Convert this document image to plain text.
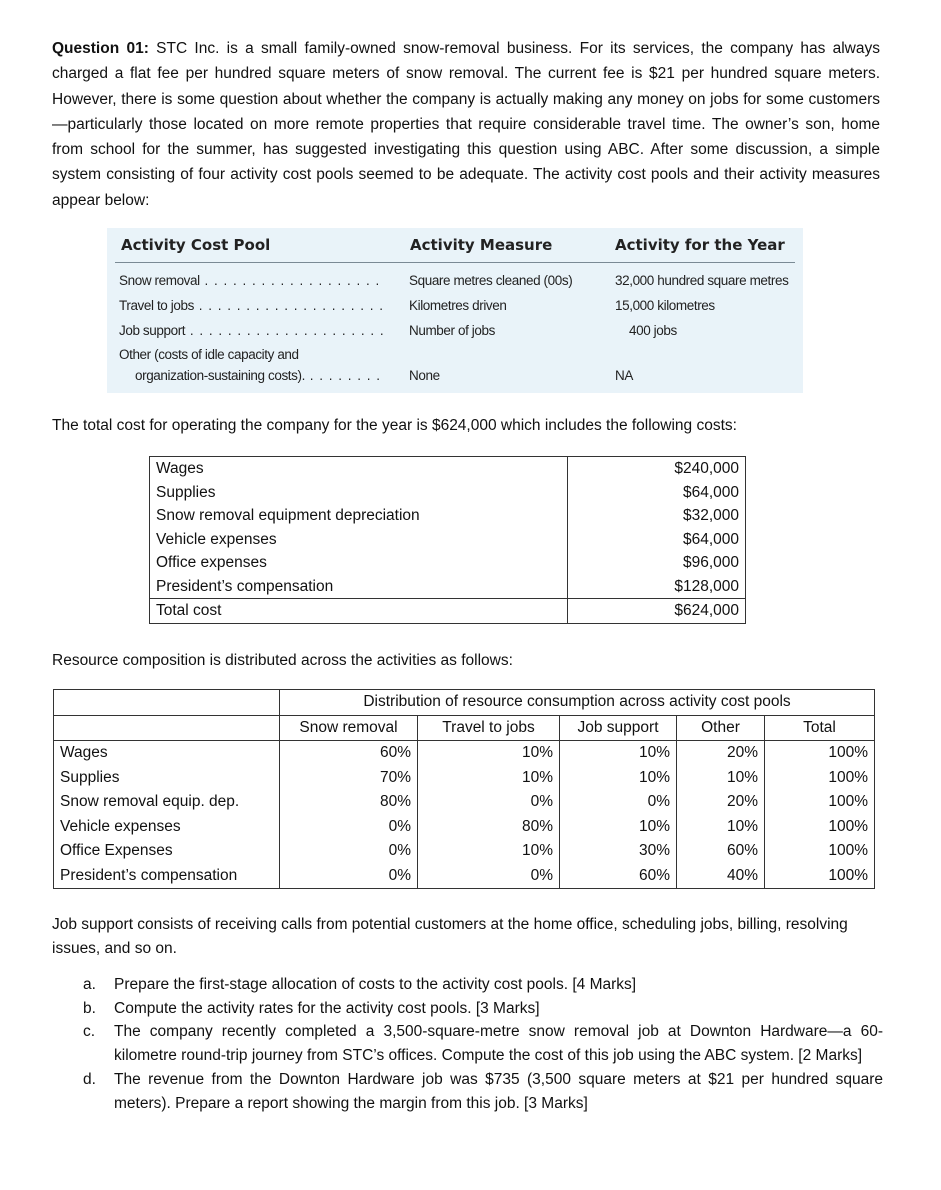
Question 01: STC Inc. is a small family-owned snow-removal business. For its services, the company has always charged a flat fee per hundred square meters of snow removal. The current fee is $21 per hundred square meters. However, there is some question about whether the company is actually making any money on jobs for some customers—particularly those located on more remote properties that require considerable travel time. The owner’s son, home from school for the summer, has suggested investigating this question using ABC. After some discussion, a simple system consisting of four activity cost pools seemed to be adequate. The activity cost pools and their activity measures appear below:

Activity Cost Pool	Activity Measure	Activity for the Year
Snow removal . . .	Square metres cleaned (00s)	32,000 hundred square metres
Travel to jobs . . .	Kilometres driven	15,000 kilometres
Job support . . .	Number of jobs	400 jobs
Other (costs of idle capacity and
organization-sustaining costs). . . .	None	NA

The total cost for operating the company for the year is $624,000 which includes the following costs:

Wages	$240,000
Supplies	$64,000
Snow removal equipment depreciation	$32,000
Vehicle expenses	$64,000
Office expenses	$96,000
President’s compensation	$128,000
Total cost	$624,000

Resource composition is distributed across the activities as follows:

	Distribution of resource consumption across activity cost pools				
	Snow removal	Travel to jobs	Job support	Other	Total
Wages	60%	10%	10%	20%	100%
Supplies	70%	10%	10%	10%	100%
Snow removal equip. dep.	80%	0%	0%	20%	100%
Vehicle expenses	0%	80%	10%	10%	100%
Office Expenses	0%	10%	30%	60%	100%
President’s compensation	0%	0%	60%	40%	100%

Job support consists of receiving calls from potential customers at the home office, scheduling jobs, billing, resolving issues, and so on.

a. Prepare the first-stage allocation of costs to the activity cost pools. [4 Marks]
b. Compute the activity rates for the activity cost pools. [3 Marks]
c. The company recently completed a 3,500-square-metre snow removal job at Downton Hardware—a 60-kilometre round-trip journey from STC’s offices. Compute the cost of this job using the ABC system. [2 Marks]
d. The revenue from the Downton Hardware job was $735 (3,500 square meters at $21 per hundred square meters). Prepare a report showing the margin from this job. [3 Marks]
